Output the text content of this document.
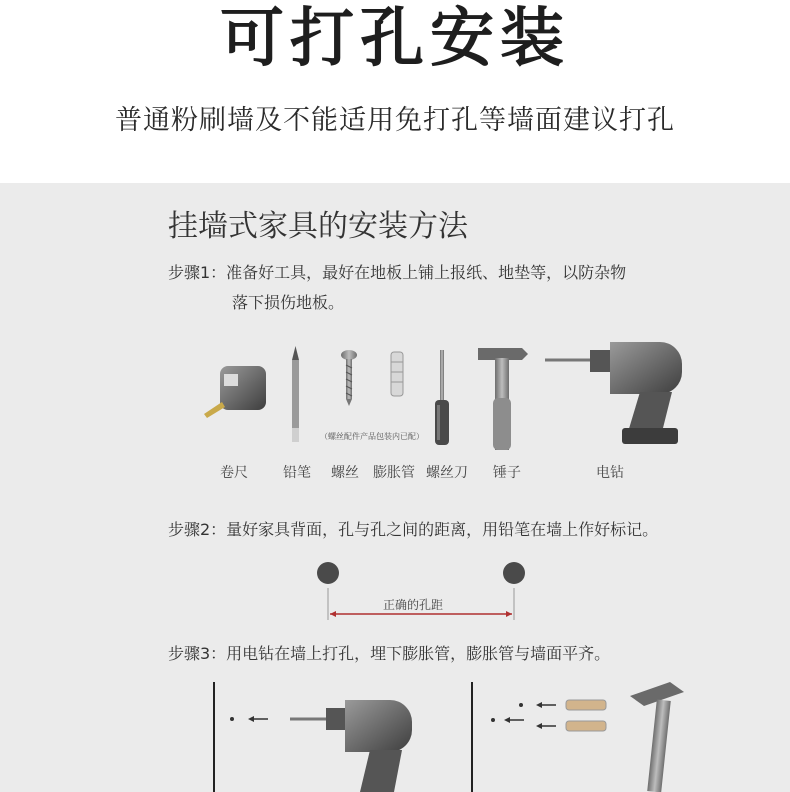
可打孔安装
普通粉刷墙及不能适用免打孔等墙面建议打孔
挂墙式家具的安装方法
步骤1：准备好工具，最好在地板上铺上报纸、地垫等，以防杂物
落下损伤地板。
（螺丝配件产品包装内已配）
卷尺	铅笔	螺丝	膨胀管 螺丝刀	锤子	电钻
步骤2：量好家具背面，孔与孔之间的距离，用铅笔在墙上作好标记。
正确的孔距
步骤3：用电钻在墙上打孔，埋下膨胀管，膨胀管与墙面平齐。
